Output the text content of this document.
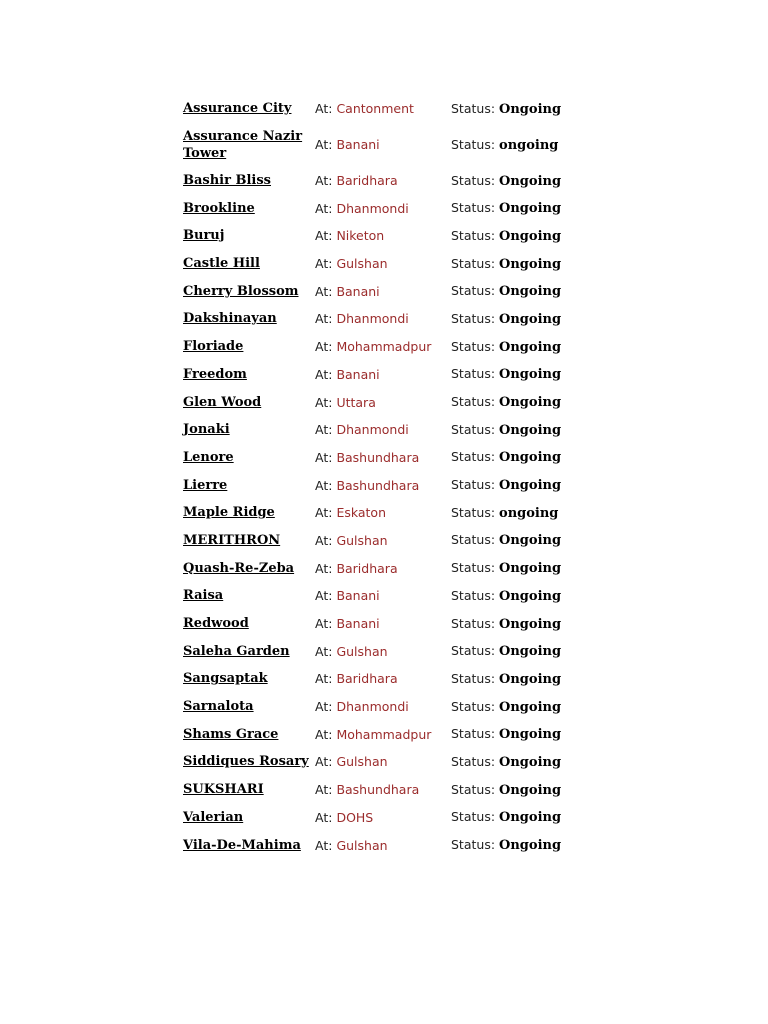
Assurance City	At: Cantonment	Status: Ongoing
Assurance Nazir Tower
At: Banani	Status: ongoing
Bashir Bliss	At: Baridhara	Status: Ongoing
Brookline	At: Dhanmondi	Status: Ongoing
Buruj	At: Niketon	Status: Ongoing
Castle Hill	At: Gulshan	Status: Ongoing
Cherry Blossom	At: Banani	Status: Ongoing
Dakshinayan	At: Dhanmondi	Status: Ongoing
Floriade	At: Mohammadpur	Status: Ongoing
Freedom	At: Banani	Status: Ongoing
Glen Wood	At: Uttara	Status: Ongoing
Jonaki	At: Dhanmondi	Status: Ongoing
Lenore	At: Bashundhara	Status: Ongoing
Lierre	At: Bashundhara	Status: Ongoing
Maple Ridge	At: Eskaton	Status: ongoing
MERITHRON	At: Gulshan	Status: Ongoing
Quash-Re-Zeba	At: Baridhara	Status: Ongoing
Raisa	At: Banani	Status: Ongoing
Redwood	At: Banani	Status: Ongoing
Saleha Garden	At: Gulshan	Status: Ongoing
Sangsaptak	At: Baridhara	Status: Ongoing
Sarnalota	At: Dhanmondi	Status: Ongoing
Shams Grace	At: Mohammadpur	Status: Ongoing
Siddiques Rosary At: Gulshan	Status: Ongoing
SUKSHARI	At: Bashundhara	Status: Ongoing
Valerian	At: DOHS	Status: Ongoing
Vila-De-Mahima	At: Gulshan	Status: Ongoing
